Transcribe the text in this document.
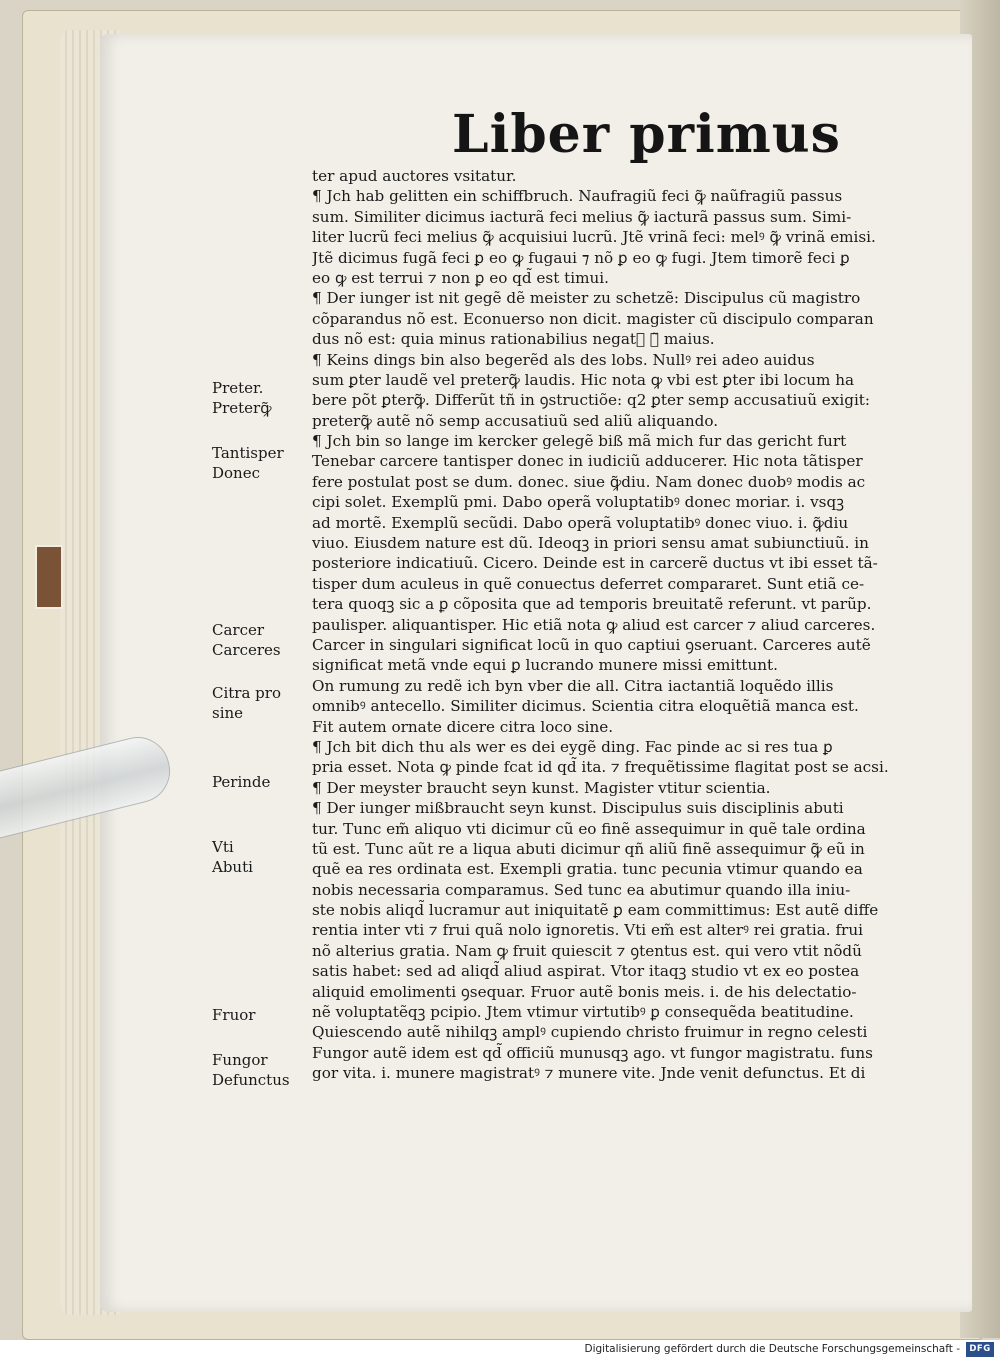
Liber primus
ter apud auctores vsitatur.
¶ Jch hab gelitten ein schiffbruch. Naufragiũ feci ꝙ̃ naũfragiũ passus
sum. Similiter dicimus iacturã feci melius ꝙ̃ iacturã passus sum. Simi-
liter lucrũ feci melius ꝙ̃ acquisiui lucrũ. Jtẽ vrinã feci: melꝰ ꝙ̃ vrinã emisi.
Jtẽ dicimus fugã feci ꝑ eo ꝙ fugaui ⁊ nõ ꝑ eo ꝙ fugi. Jtem timorẽ feci ꝑ
eo ꝙ est terrui ⁊ non ꝑ eo qd̃ est timui.
¶ Der iunger ist nit gegẽ dẽ meister zu schetzẽ: Discipulus cũ magistro
cõparandus nõ est. Econuerso non dicit. magister cũ discipulo comparan
dus nõ est: quia minus rationabilius negatᷣ ꝙ̃ maius.
¶ Keins dings bin also begerẽd als des lobs. Nullꝰ rei adeo auidus
sum ꝑter laudẽ vel preterꝙ̃ laudis. Hic nota ꝙ vbi est ꝑter ibi locum ha
bere põt ꝑterꝙ̃. Differũt tñ in ꝯstructiõe: q2 ꝑter semp accusatiuũ exigit:
preterꝙ̃ autẽ nõ semp accusatiuũ sed aliũ aliquando.
¶ Jch bin so lange im kercker gelegẽ biß mã mich fur das gericht furt
Tenebar carcere tantisper donec in iudiciũ adducerer. Hic nota tãtisper
fere postulat post se dum. donec. siue ꝙ̃diu. Nam donec duobꝰ modis ac
cipi solet. Exemplũ pmi. Dabo operã voluptatibꝰ donec moriar. i. vsqꝫ
ad mortẽ. Exemplũ secũdi. Dabo operã voluptatibꝰ donec viuo. i. ꝙ̃diu
viuo. Eiusdem nature est dũ. Ideoqꝫ in priori sensu amat subiunctiuũ. in
posteriore indicatiuũ. Cicero. Deinde est in carcerẽ ductus vt ibi esset tã-
tisper dum aculeus in quẽ conuectus deferret compararet. Sunt etiã ce-
tera quoqꝫ sic a ꝑ cõposita que ad temporis breuitatẽ referunt. vt parũp.
paulisper. aliquantisper. Hic etiã nota ꝙ aliud est carcer ⁊ aliud carceres.
Carcer in singulari significat locũ in quo captiui ꝯseruant. Carceres autẽ
significat metã vnde equi ꝑ lucrando munere missi emittunt.
On rumung zu redẽ ich byn vber die all. Citra iactantiã loquẽdo illis
omnibꝰ antecello. Similiter dicimus. Scientia citra eloquẽtiã manca est.
Fit autem ornate dicere citra loco sine.
¶ Jch bit dich thu als wer es dei eygẽ ding. Fac pinde ac si res tua ꝑ
pria esset. Nota ꝙ pinde fcat id qd̃ ita. ⁊ frequẽtissime flagitat post se acsi.
¶ Der meyster braucht seyn kunst. Magister vtitur scientia.
¶ Der iunger mißbraucht seyn kunst. Discipulus suis disciplinis abuti
tur. Tunc em̃ aliquo vti dicimur cũ eo finẽ assequimur in quẽ tale ordina
tũ est. Tunc aũt re a liqua abuti dicimur qñ aliũ finẽ assequimur ꝙ̃ eũ in
quẽ ea res ordinata est. Exempli gratia. tunc pecunia vtimur quando ea
nobis necessaria comparamus. Sed tunc ea abutimur quando illa iniu-
ste nobis aliqd̃ lucramur aut iniquitatẽ ꝑ eam committimus: Est autẽ diffe
rentia inter vti ⁊ frui quã nolo ignoretis. Vti em̃ est alterꝰ rei gratia. frui
nõ alterius gratia. Nam ꝙ fruit quiescit ⁊ ꝯtentus est. qui vero vtit nõdũ
satis habet: sed ad aliqd̃ aliud aspirat. Vtor itaqꝫ studio vt ex eo postea
aliquid emolimenti ꝯsequar. Fruor autẽ bonis meis. i. de his delectatio-
nẽ voluptatẽqꝫ pcipio. Jtem vtimur virtutibꝰ ꝑ consequẽda beatitudine.
Quiescendo autẽ nihilqꝫ amplꝰ cupiendo christo fruimur in regno celesti
Fungor autẽ idem est qd̃ officiũ munusqꝫ ago. vt fungor magistratu. funs
gor vita. i. munere magistratꝰ ⁊ munere vite. Jnde venit defunctus. Et di
Preter.
Preterꝙ̃
Tantisper
Donec
Carcer
Carceres
Citra pro
sine
Perinde
Vti
Abuti
Fruor
Fungor
Defunctus
Digitalisierung gefördert durch die Deutsche Forschungsgemeinschaft -	DFG
